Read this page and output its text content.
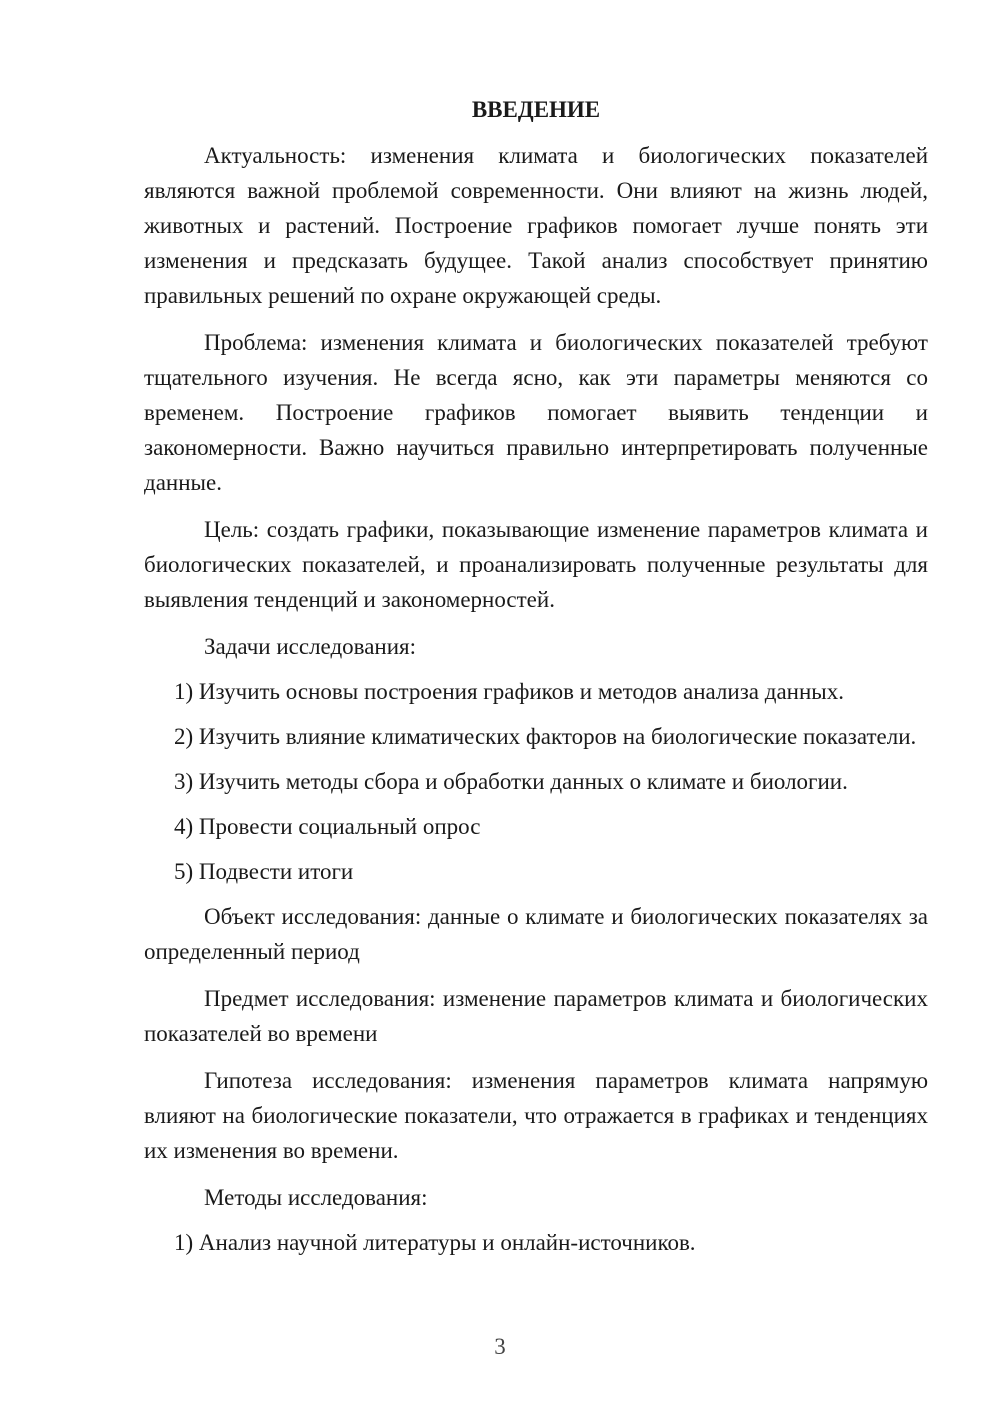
ВВЕДЕНИЕ
Актуальность: изменения климата и биологических показателей являются важной проблемой современности. Они влияют на жизнь людей, животных и растений. Построение графиков помогает лучше понять эти изменения и предсказать будущее. Такой анализ способствует принятию правильных решений по охране окружающей среды.
Проблема: изменения климата и биологических показателей требуют тщательного изучения. Не всегда ясно, как эти параметры меняются со временем. Построение графиков помогает выявить тенденции и закономерности. Важно научиться правильно интерпретировать полученные данные.
Цель: создать графики, показывающие изменение параметров климата и биологических показателей, и проанализировать полученные результаты для выявления тенденций и закономерностей.
Задачи исследования:
1) Изучить основы построения графиков и методов анализа данных.
2) Изучить влияние климатических факторов на биологические показатели.
3) Изучить методы сбора и обработки данных о климате и биологии.
4) Провести социальный опрос
5) Подвести итоги
Объект исследования: данные о климате и биологических показателях за определенный период
Предмет исследования: изменение параметров климата и биологических показателей во времени
Гипотеза исследования: изменения параметров климата напрямую влияют на биологические показатели, что отражается в графиках и тенденциях их изменения во времени.
Методы исследования:
1) Анализ научной литературы и онлайн-источников.
3
